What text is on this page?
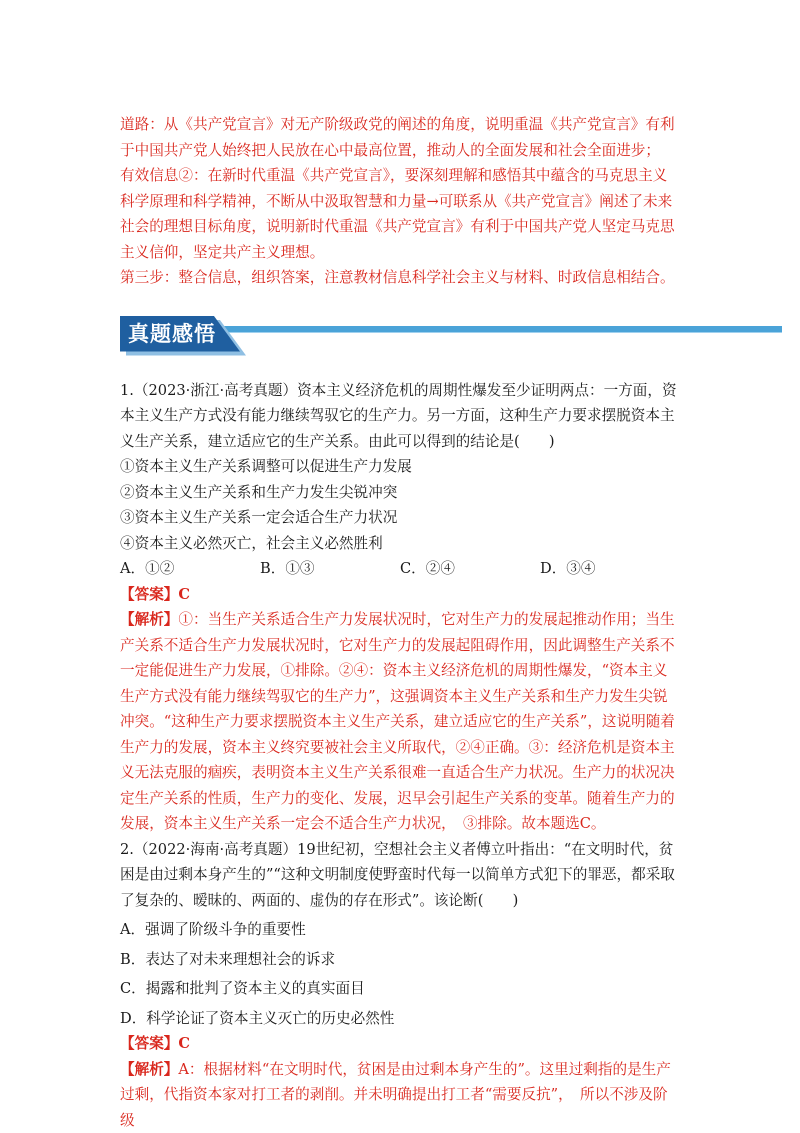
道路：从《共产党宣言》对无产阶级政党的阐述的角度，说明重温《共产党宣言》有利于中国共产党人始终把人民放在心中最高位置，推动人的全面发展和社会全面进步；

有效信息②：在新时代重温《共产党宣言》，要深刻理解和感悟其中蕴含的马克思主义科学原理和科学精神，不断从中汲取智慧和力量→可联系从《共产党宣言》阐述了未来社会的理想目标角度，说明新时代重温《共产党宣言》有利于中国共产党人坚定马克思主义信仰，坚定共产主义理想。

第三步：整合信息，组织答案，注意教材信息科学社会主义与材料、时政信息相结合。

真题感悟

1.（2023·浙江·高考真题）资本主义经济危机的周期性爆发至少证明两点：一方面，资本主义生产方式没有能力继续驾驭它的生产力。另一方面，这种生产力要求摆脱资本主义生产关系，建立适应它的生产关系。由此可以得到的结论是(　　)

①资本主义生产关系调整可以促进生产力发展

②资本主义生产关系和生产力发生尖锐冲突

③资本主义生产关系一定会适合生产力状况

④资本主义必然灭亡，社会主义必然胜利

A．①②	B．①③	C．②④	D．③④

【答案】C

【解析】①：当生产关系适合生产力发展状况时，它对生产力的发展起推动作用；当生产关系不适合生产力发展状况时，它对生产力的发展起阻碍作用，因此调整生产关系不一定能促进生产力发展，①排除。②④：资本主义经济危机的周期性爆发，“资本主义生产方式没有能力继续驾驭它的生产力”，这强调资本主义生产关系和生产力发生尖锐冲突。“这种生产力要求摆脱资本主义生产关系，建立适应它的生产关系”，这说明随着生产力的发展，资本主义终究要被社会主义所取代，②④正确。③：经济危机是资本主义无法克服的痼疾，表明资本主义生产关系很难一直适合生产力状况。生产力的状况决定生产关系的性质，生产力的变化、发展，迟早会引起生产关系的变革。随着生产力的发展，资本主义生产关系一定会不适合生产力状况，　③排除。故本题选C。

2.（2022·海南·高考真题）19世纪初，空想社会主义者傅立叶指出：“在文明时代，贫困是由过剩本身产生的”“这种文明制度使野蛮时代每一以简单方式犯下的罪恶，都采取了复杂的、暧昧的、两面的、虚伪的存在形式”。该论断(　　)

A．强调了阶级斗争的重要性

B．表达了对未来理想社会的诉求

C．揭露和批判了资本主义的真实面目

D．科学论证了资本主义灭亡的历史必然性

【答案】C

【解析】A：根据材料“在文明时代，贫困是由过剩本身产生的”。这里过剩指的是生产过剩，代指资本家对打工者的剥削。并未明确提出打工者“需要反抗”，　所以不涉及阶级
